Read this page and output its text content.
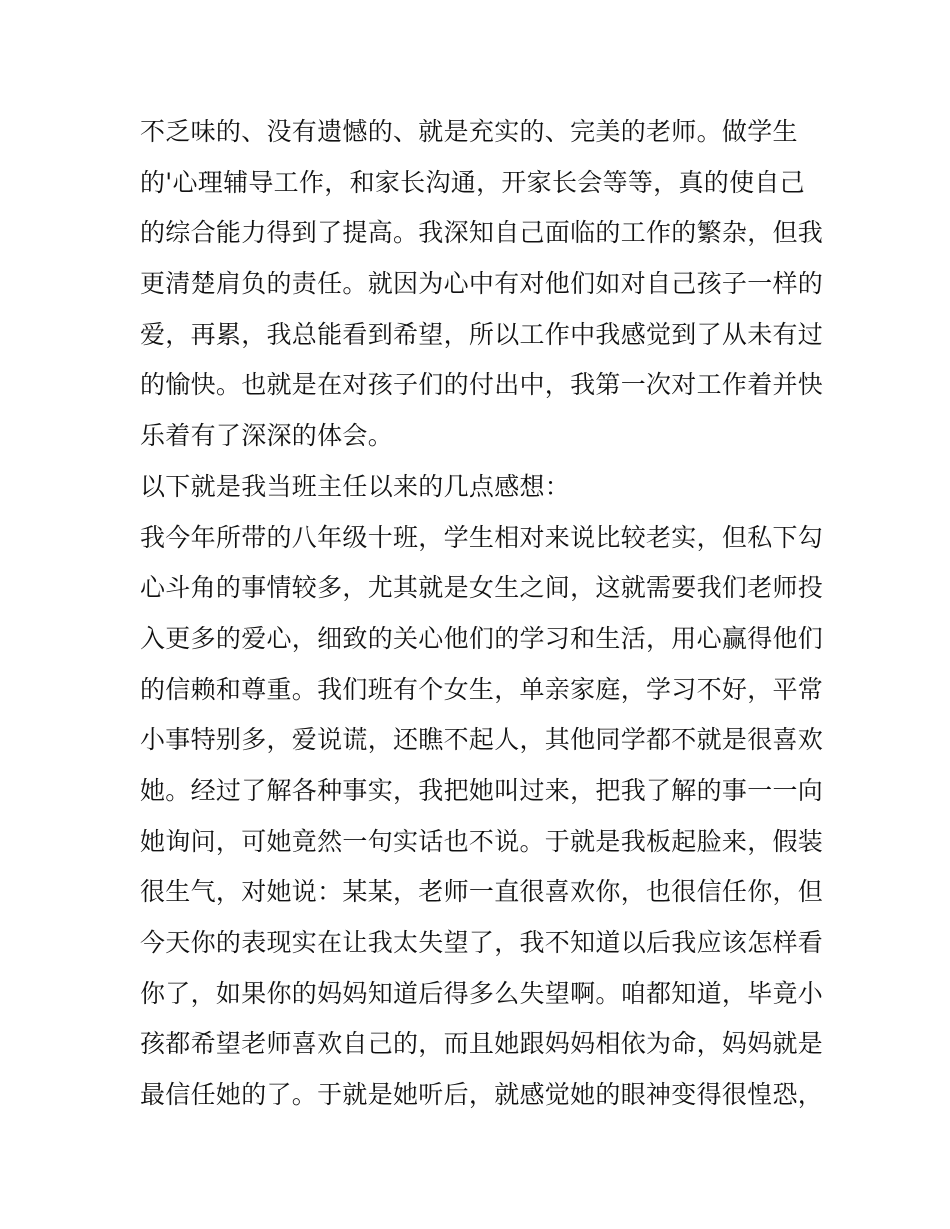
不乏味的、没有遗憾的、就是充实的、完美的老师。做学生
的'心理辅导工作，和家长沟通，开家长会等等，真的使自己
的综合能力得到了提高。我深知自己面临的工作的繁杂，但我
更清楚肩负的责任。就因为心中有对他们如对自己孩子一样的
爱，再累，我总能看到希望，所以工作中我感觉到了从未有过
的愉快。也就是在对孩子们的付出中，我第一次对工作着并快
乐着有了深深的体会。
以下就是我当班主任以来的几点感想：
我今年所带的八年级十班，学生相对来说比较老实，但私下勾
心斗角的事情较多，尤其就是女生之间，这就需要我们老师投
入更多的爱心，细致的关心他们的学习和生活，用心赢得他们
的信赖和尊重。我们班有个女生，单亲家庭，学习不好，平常
小事特别多，爱说谎，还瞧不起人，其他同学都不就是很喜欢
她。经过了解各种事实，我把她叫过来，把我了解的事一一向
她询问，可她竟然一句实话也不说。于就是我板起脸来，假装
很生气，对她说：某某，老师一直很喜欢你，也很信任你，但
今天你的表现实在让我太失望了，我不知道以后我应该怎样看
你了，如果你的妈妈知道后得多么失望啊。咱都知道，毕竟小
孩都希望老师喜欢自己的，而且她跟妈妈相依为命，妈妈就是
最信任她的了。于就是她听后，就感觉她的眼神变得很惶恐，
